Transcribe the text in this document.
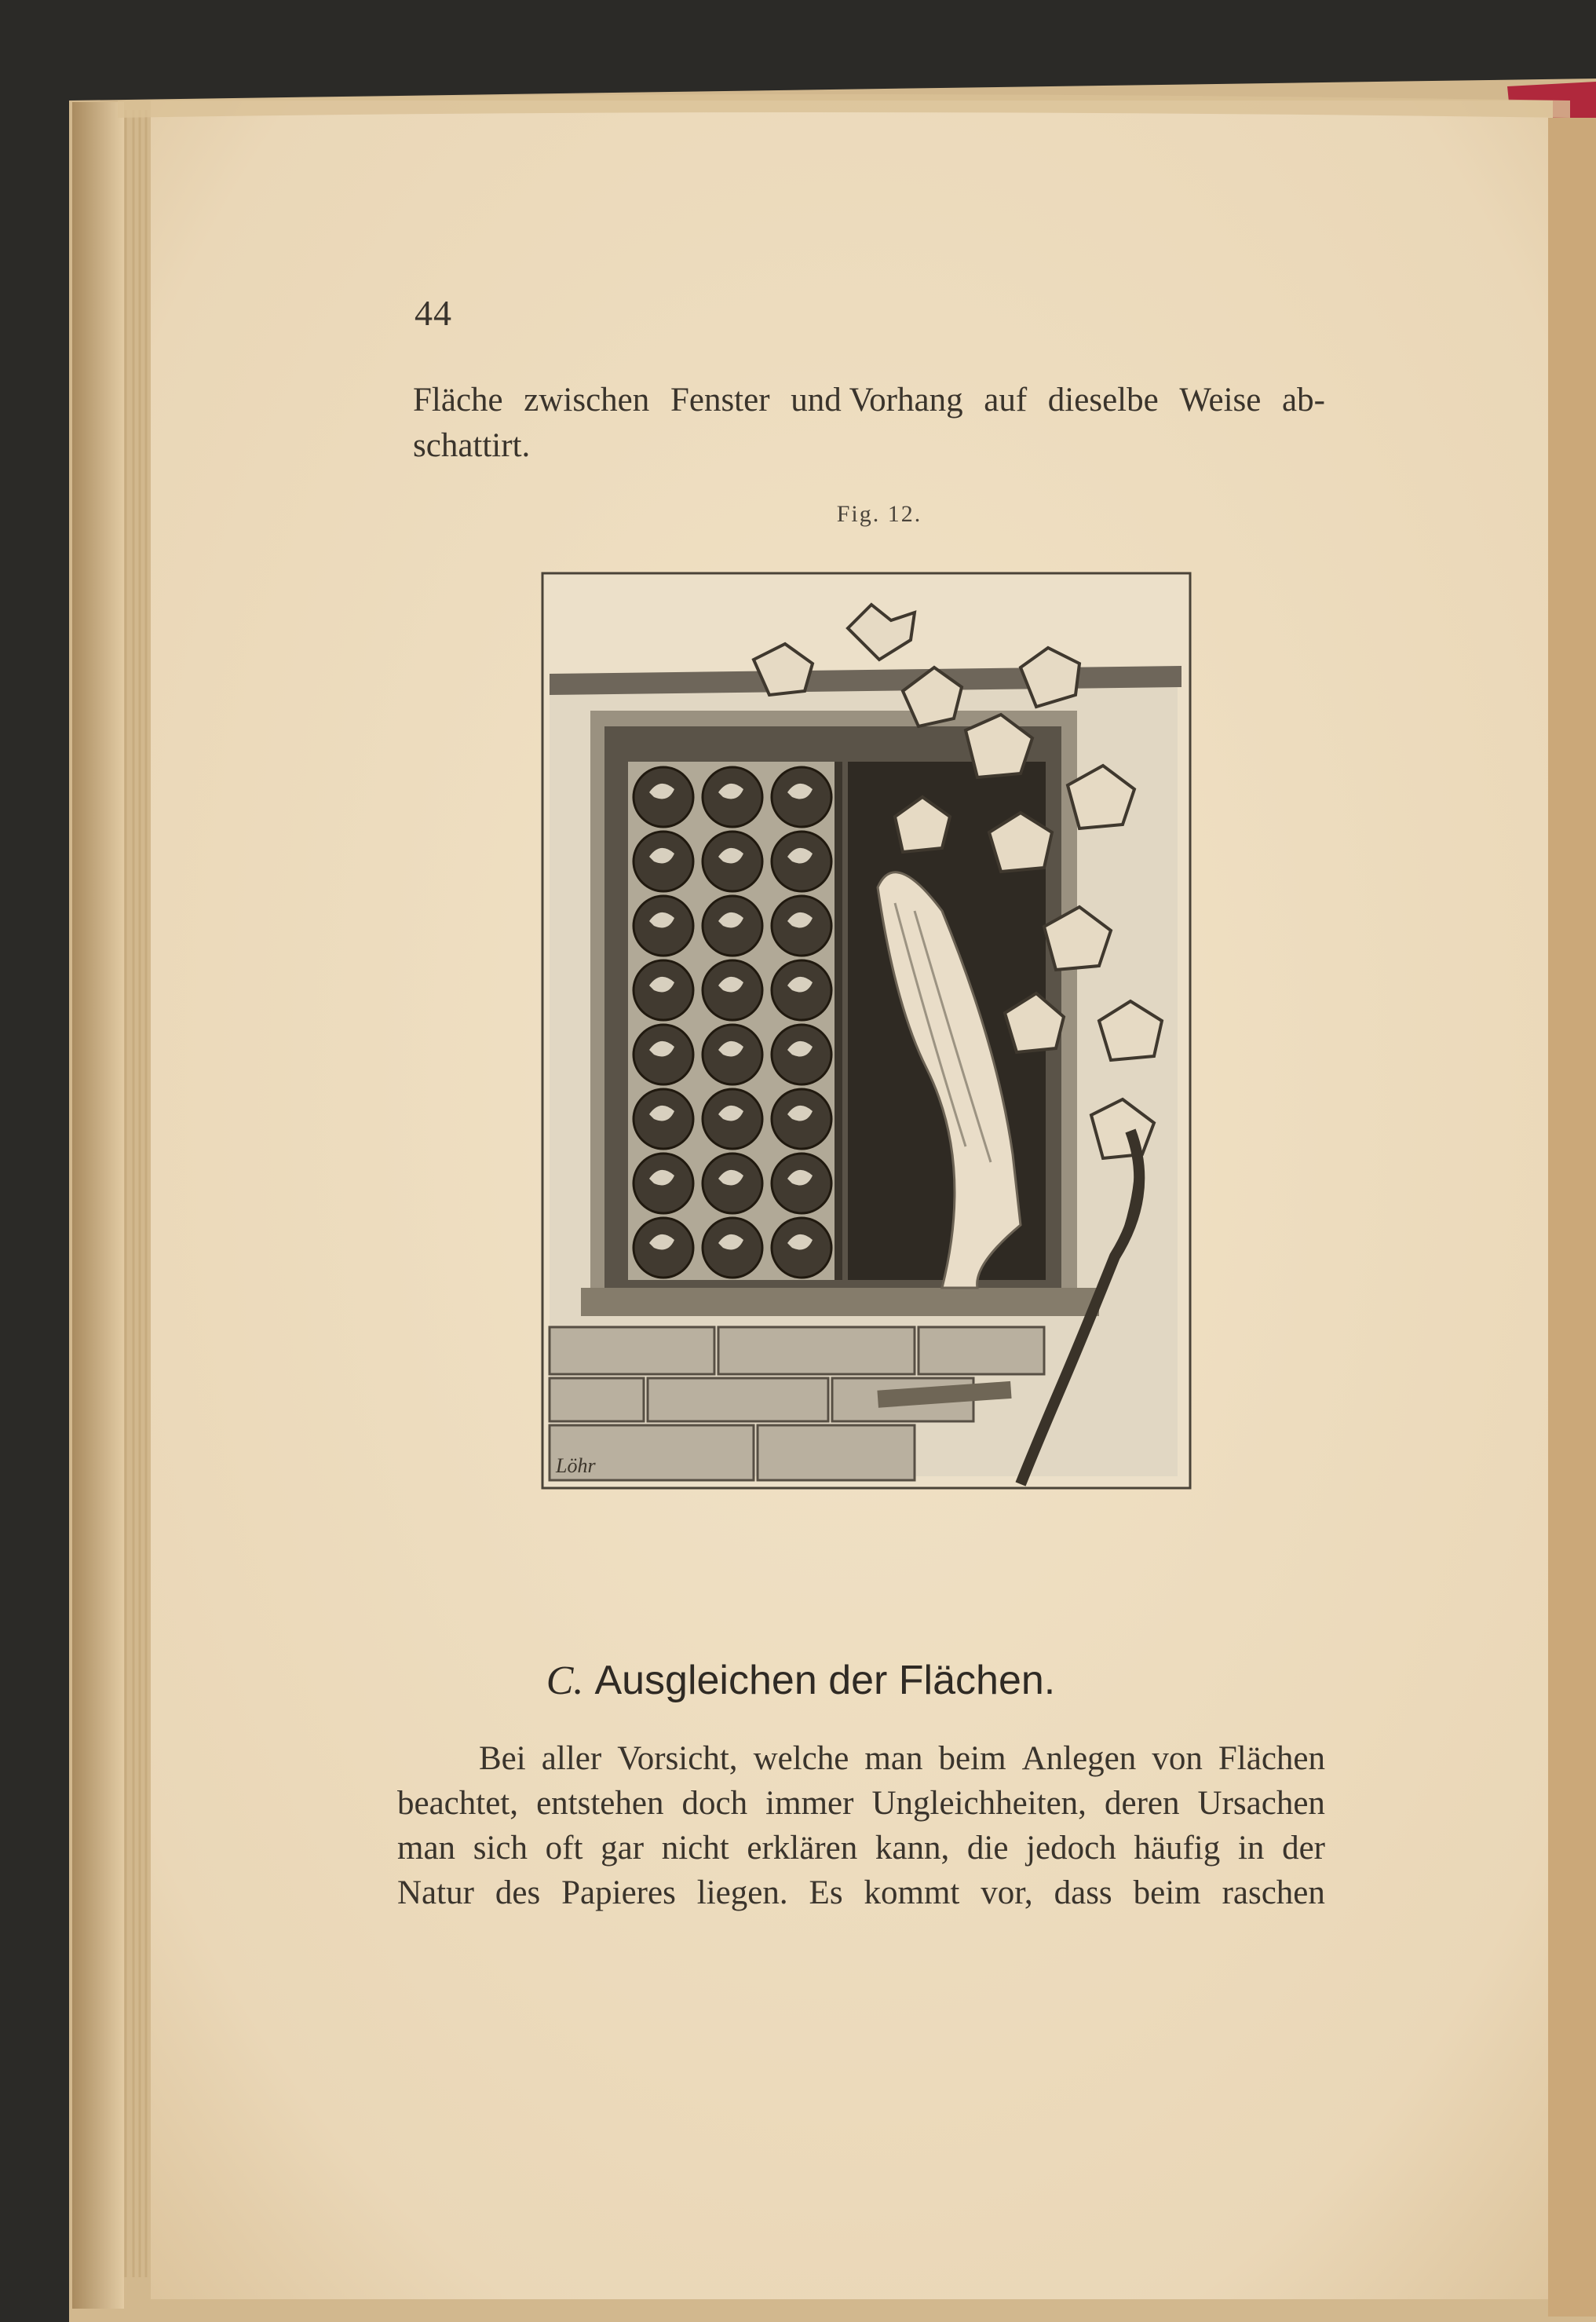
Löhr
44
Fläche zwischen Fenster und Vorhang auf dieselbe Weise ab-
schattirt.
Fig. 12.
C. Ausgleichen der Flächen.
Bei aller Vorsicht, welche man beim Anlegen von Flächen
beachtet, entstehen doch immer Ungleichheiten, deren Ursachen
man sich oft gar nicht erklären kann, die jedoch häufig in der
Natur des Papieres liegen. Es kommt vor, dass beim raschen
